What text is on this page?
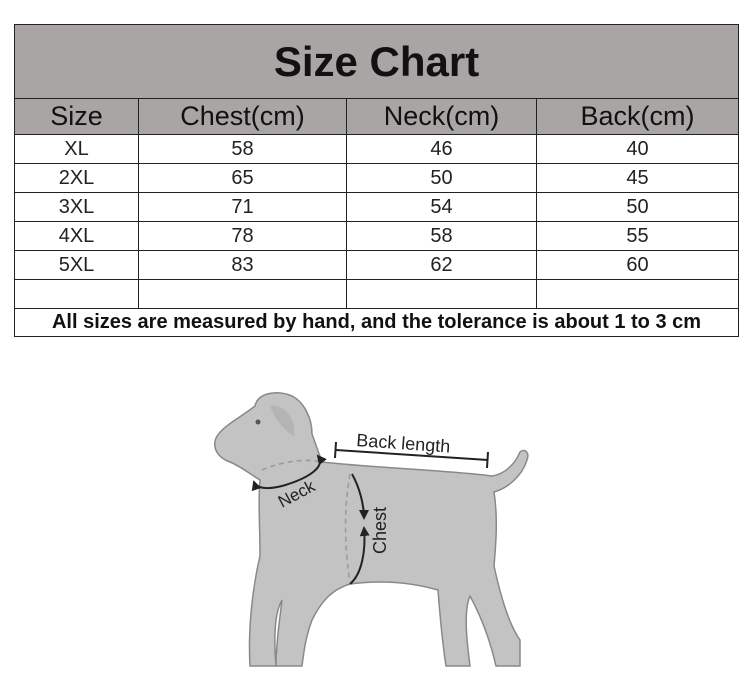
Size Chart			
Size	Chest(cm)	Neck(cm)	Back(cm)
XL	58	46	40
2XL	65	50	45
3XL	71	54	50
4XL	78	58	55
5XL	83	62	60

All sizes are measured by hand, and the tolerance is about 1 to 3 cm			
Back length
Neck
Chest
